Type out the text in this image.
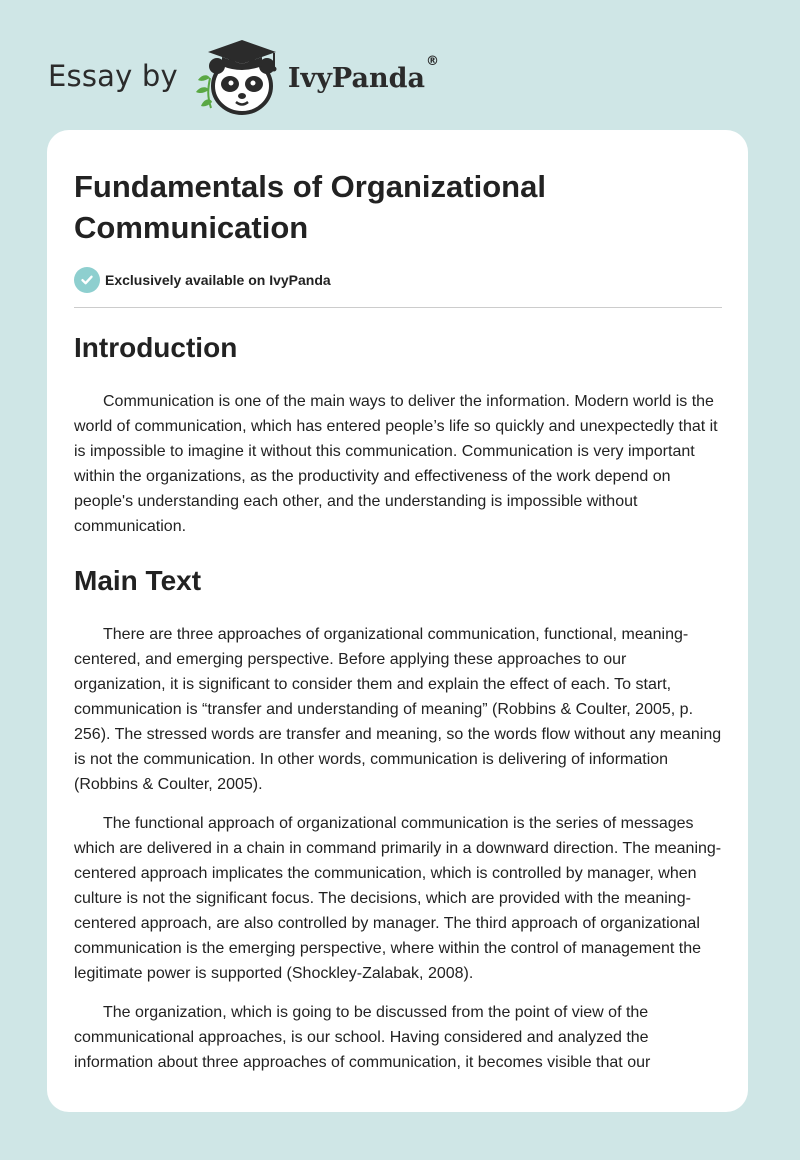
Essay by	IvyPanda®
Fundamentals of Organizational Communication
Exclusively available on IvyPanda
Introduction

Communication is one of the main ways to deliver the information. Modern world is the world of communication, which has entered people’s life so quickly and unexpectedly that it is impossible to imagine it without this communication. Communication is very important within the organizations, as the productivity and effectiveness of the work depend on people's understanding each other, and the understanding is impossible without communication.

Main Text

There are three approaches of organizational communication, functional, meaning-centered, and emerging perspective. Before applying these approaches to our organization, it is significant to consider them and explain the effect of each. To start, communication is “transfer and understanding of meaning” (Robbins & Coulter, 2005, p. 256). The stressed words are transfer and meaning, so the words flow without any meaning is not the communication. In other words, communication is delivering of information (Robbins & Coulter, 2005).

The functional approach of organizational communication is the series of messages which are delivered in a chain in command primarily in a downward direction. The meaning-centered approach implicates the communication, which is controlled by manager, when culture is not the significant focus. The decisions, which are provided with the meaning-centered approach, are also controlled by manager. The third approach of organizational communication is the emerging perspective, where within the control of management the legitimate power is supported (Shockley-Zalabak, 2008).

The organization, which is going to be discussed from the point of view of the communicational approaches, is our school. Having considered and analyzed the information about three approaches of communication, it becomes visible that our
